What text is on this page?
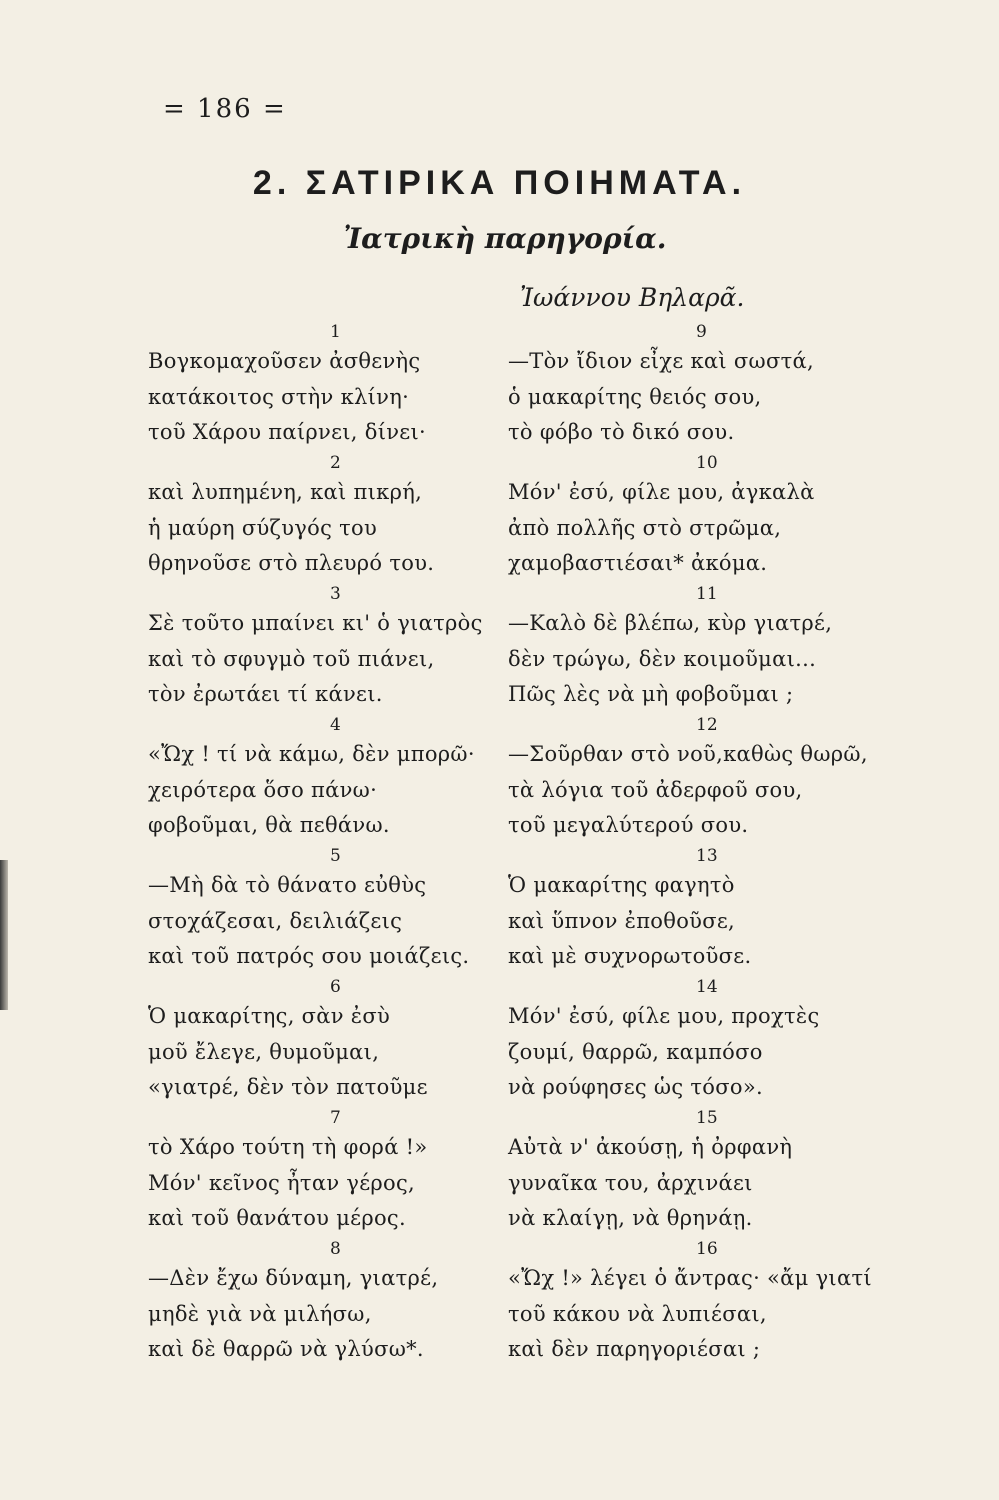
= 186 =
2. ΣΑΤΙΡΙΚΑ ΠΟΙΗΜΑΤΑ.
Ἰατρικὴ παρηγορία.
Ἰωάννου Βηλαρᾶ.
1
Βογκομαχοῦσεν ἀσθενὴς
κατάκοιτος στὴν κλίνη·
τοῦ Χάρου παίρνει, δίνει·
2
καὶ λυπημένη, καὶ πικρή,
ἡ μαύρη σύζυγός του
θρηνοῦσε στὸ πλευρό του.
3
Σὲ τοῦτο μπαίνει κι' ὁ γιατρὸς
καὶ τὸ σφυγμὸ τοῦ πιάνει,
τὸν ἐρωτάει τί κάνει.
4
«Ὤχ ! τί νὰ κάμω, δὲν μπορῶ·
χειρότερα ὅσο πάνω·
φοβοῦμαι, θὰ πεθάνω.
5
—Μὴ δὰ τὸ θάνατο εὐθὺς
στοχάζεσαι, δειλιάζεις
καὶ τοῦ πατρός σου μοιάζεις.
6
Ὁ μακαρίτης, σὰν ἐσὺ
μοῦ ἔλεγε, θυμοῦμαι,
«γιατρέ, δὲν τὸν πατοῦμε
7
τὸ Χάρο τούτη τὴ φορά !»
Μόν' κεῖνος ἦταν γέρος,
καὶ τοῦ θανάτου μέρος.
8
—Δὲν ἔχω δύναμη, γιατρέ,
μηδὲ γιὰ νὰ μιλήσω,
καὶ δὲ θαρρῶ νὰ γλύσω*.
9
—Τὸν ἴδιον εἶχε καὶ σωστά,
ὁ μακαρίτης θειός σου,
τὸ φόβο τὸ δικό σου.
10
Μόν' ἐσύ, φίλε μου, ἀγκαλὰ
ἀπὸ πολλῆς στὸ στρῶμα,
χαμοβαστιέσαι* ἀκόμα.
11
—Καλὸ δὲ βλέπω, κὺρ γιατρέ,
δὲν τρώγω, δὲν κοιμοῦμαι...
Πῶς λὲς νὰ μὴ φοβοῦμαι ;
12
—Σοῦρθαν στὸ νοῦ,καθὼς θωρῶ,
τὰ λόγια τοῦ ἀδερφοῦ σου,
τοῦ μεγαλύτερού σου.
13
Ὁ μακαρίτης φαγητὸ
καὶ ὕπνον ἐποθοῦσε,
καὶ μὲ συχνορωτοῦσε.
14
Μόν' ἐσύ, φίλε μου, προχτὲς
ζουμί, θαρρῶ, καμπόσο
νὰ ρούφησες ὡς τόσο».
15
Αὐτὰ ν' ἀκούσῃ, ἡ ὀρφανὴ
γυναῖκα του, ἀρχινάει
νὰ κλαίγῃ, νὰ θρηνάῃ.
16
«Ὤχ !» λέγει ὁ ἄντρας· «ἄμ γιατί
τοῦ κάκου νὰ λυπιέσαι,
καὶ δὲν παρηγοριέσαι ;
